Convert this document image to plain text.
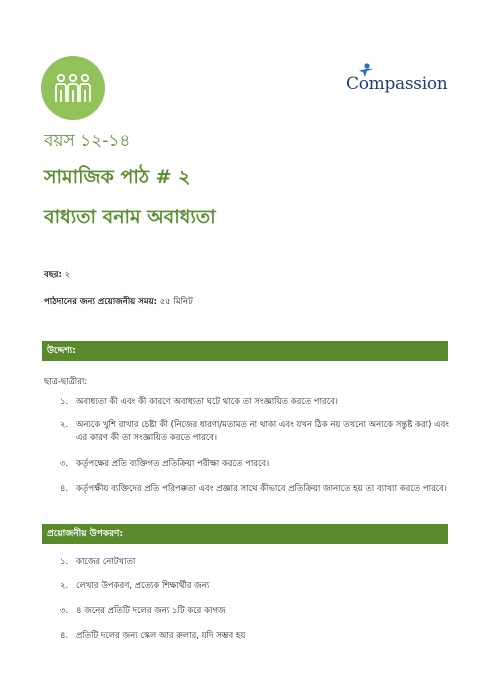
Compassion
বয়স ১২-১৪
সামাজিক পাঠ # ২
বাধ্যতা বনাম অবাধ্যতা
বছর: ২
পাঠদানের জন্য প্রয়োজনীয় সময়: ৫৫ মিনিট
উদ্দেশ্য:
ছাত্র-ছাত্রীরা:
১. অবাধ্যতা কী এবং কী কারণে অবাধ্যতা ঘটে থাকে তা সংজ্ঞায়িত করতে পারবে।
২. অন্যকে খুশি রাখার চেষ্টা কী (নিজের ধারণা/মতামত না থাকা এবং যখন ঠিক নয় তখনো অন্যকে সন্তুষ্ট করা) এবং এর কারণ কী তা সংজ্ঞায়িত করতে পারবে।
৩. কর্তৃপক্ষের প্রতি ব্যক্তিগত প্রতিক্রিয়া পরীক্ষা করতে পারবে।
৪. কর্তৃপক্ষীয় ব্যক্তিদের প্রতি পরিপক্কতা এবং প্রজ্ঞার সাথে কীভাবে প্রতিক্রিয়া জানাতে হয় তা ব্যাখ্যা করতে পারবে।
প্রয়োজনীয় উপকরণ:
১. কাজের নোটখাতা
২. লেখার উপকরণ, প্রত্যেক শিক্ষার্থীর জন্য
৩. ৪ জনের প্রতিটি দলের জন্য ১টি করে কাগজ
৪. প্রতিটি দলের জন্য স্কেল আর রুলার, যদি সম্ভব হয়
